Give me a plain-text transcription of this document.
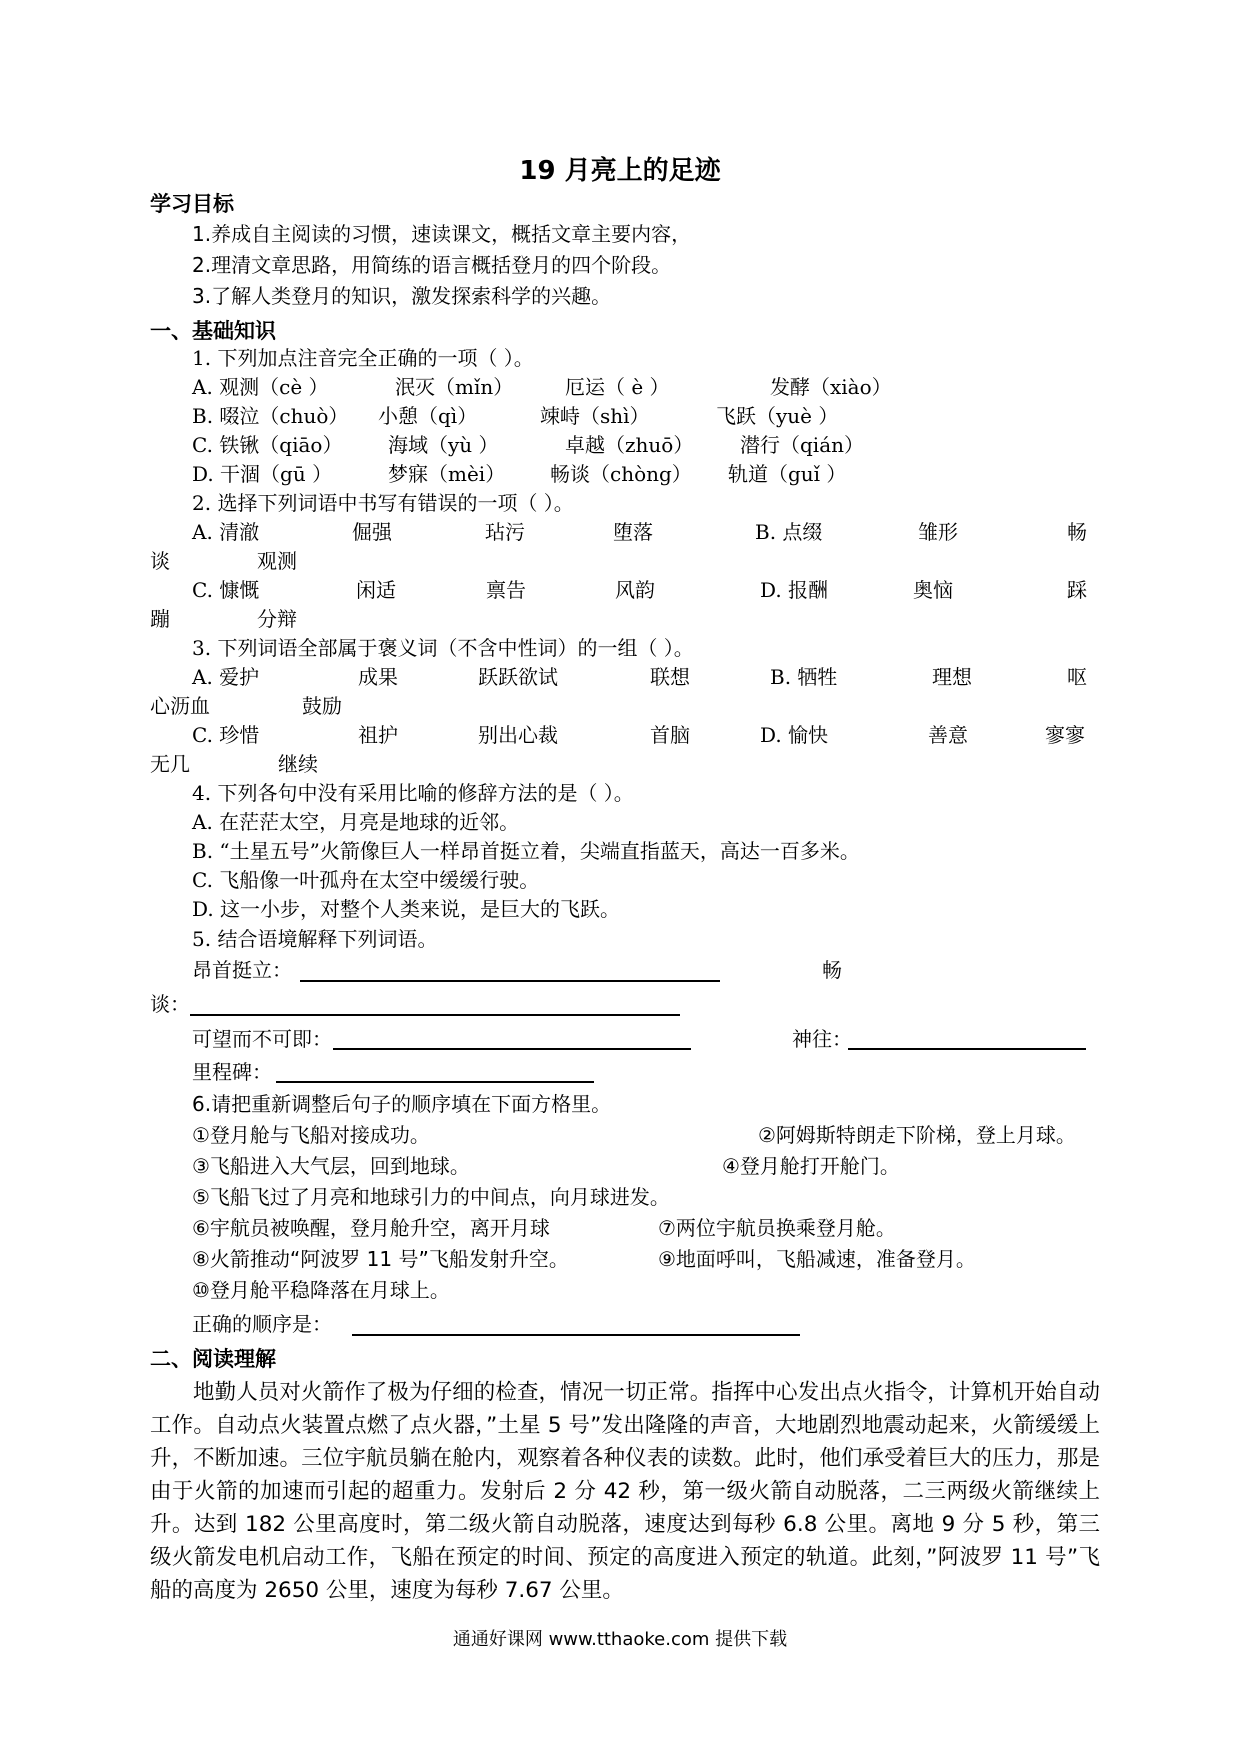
19 月亮上的足迹
学习目标
1.养成自主阅读的习惯，速读课文，概括文章主要内容，
2.理清文章思路，用简练的语言概括登月的四个阶段。
3.了解人类登月的知识，激发探索科学的兴趣。
一、基础知识
1. 下列加点注音完全正确的一项（ ）。
A. 观测（cè ）	泯灭（mǐn）	厄运（ è ）	发酵（xiào）
B. 啜泣（chuò） 小憩（qì）	竦峙（shì）	飞跃（yuè ）
C. 铁锹（qiāo） 海域（yù ）	卓越（zhuō） 潜行（qián）
D. 干涸（gū ）	梦寐（mèi） 畅谈（chòng） 轨道（guǐ ）
2. 选择下列词语中书写有错误的一项（ ）。
A. 清澈	倔强	玷污	堕落	B. 点缀	雏形	畅
谈	观测
C. 慷慨	闲适	禀告	风韵	D. 报酬	奥恼	踩
蹦	分辩
3. 下列词语全部属于褒义词（不含中性词）的一组（ ）。
A. 爱护	成果	跃跃欲试	联想	B. 牺牲	理想	呕
心沥血	鼓励
C. 珍惜	祖护	别出心裁	首脑	D. 愉快	善意	寥寥
无几	继续
4. 下列各句中没有采用比喻的修辞方法的是（ ）。
A. 在茫茫太空，月亮是地球的近邻。
B. “土星五号”火箭像巨人一样昂首挺立着，尖端直指蓝天，高达一百多米。
C. 飞船像一叶孤舟在太空中缓缓行驶。
D. 这一小步，对整个人类来说，是巨大的飞跃。
5. 结合语境解释下列词语。
昂首挺立：	畅
谈：
可望而不可即：	神往：
里程碑：
6.请把重新调整后句子的顺序填在下面方格里。
①登月舱与飞船对接成功。	②阿姆斯特朗走下阶梯，登上月球。
③飞船进入大气层，回到地球。	④登月舱打开舱门。
⑤飞船飞过了月亮和地球引力的中间点，向月球进发。
⑥宇航员被唤醒，登月舱升空，离开月球	⑦两位宇航员换乘登月舱。
⑧火箭推动“阿波罗 11 号”飞船发射升空。	⑨地面呼叫，飞船减速，准备登月。
⑩登月舱平稳降落在月球上。
正确的顺序是：
二、阅读理解
地勤人员对火箭作了极为仔细的检查，情况一切正常。指挥中心发出点火指令，计算机开始自动工作。自动点火装置点燃了点火器，”土星 5 号”发出隆隆的声音，大地剧烈地震动起来，火箭缓缓上升，不断加速。三位宇航员躺在舱内，观察着各种仪表的读数。此时，他们承受着巨大的压力，那是由于火箭的加速而引起的超重力。发射后 2 分 42 秒，第一级火箭自动脱落，二三两级火箭继续上升。达到 182 公里高度时，第二级火箭自动脱落，速度达到每秒 6.8 公里。离地 9 分 5 秒，第三级火箭发电机启动工作，飞船在预定的时间、预定的高度进入预定的轨道。此刻，”阿波罗 11 号”飞船的高度为 2650 公里，速度为每秒 7.67 公里。
通通好课网 www.tthaoke.com 提供下载
